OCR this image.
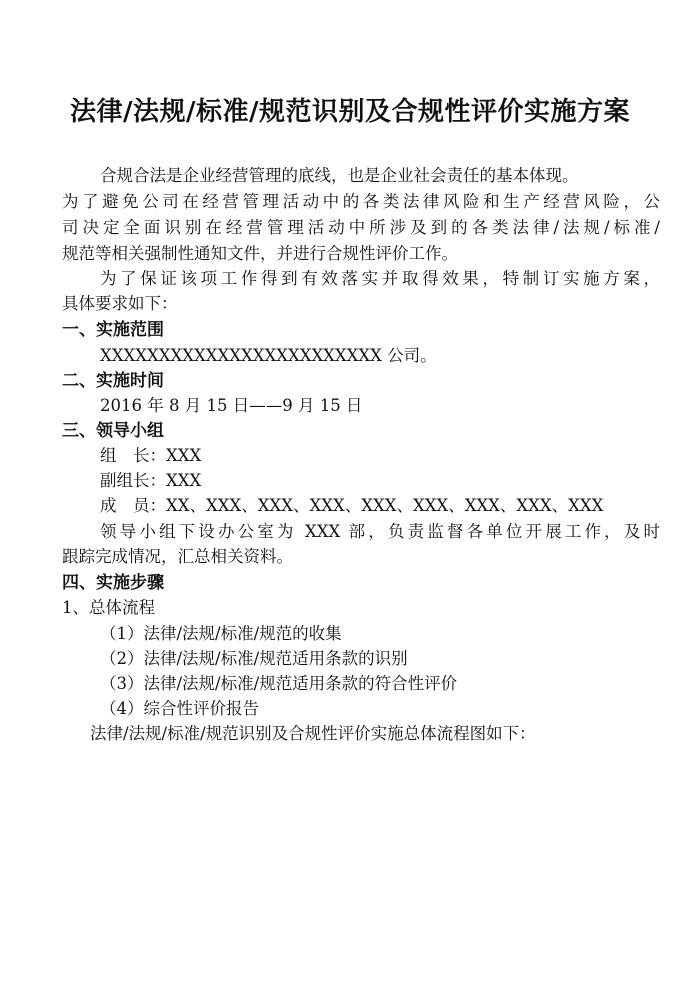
法律/法规/标准/规范识别及合规性评价实施方案
合规合法是企业经营管理的底线，也是企业社会责任的基本体现。
为了避免公司在经营管理活动中的各类法律风险和生产经营风险，公
司决定全面识别在经营管理活动中所涉及到的各类法律/法规/标准/
规范等相关强制性通知文件，并进行合规性评价工作。
为了保证该项工作得到有效落实并取得效果，特制订实施方案，
具体要求如下：
一、实施范围
XXXXXXXXXXXXXXXXXXXXXXXX 公司。
二、实施时间
2016 年 8 月 15 日——9 月 15 日
三、领导小组
组　长：XXX
副组长：XXX
成　员：XX、XXX、XXX、XXX、XXX、XXX、XXX、XXX、XXX
领导小组下设办公室为 XXX 部，负责监督各单位开展工作，及时
跟踪完成情况，汇总相关资料。
四、实施步骤
1、总体流程
（1）法律/法规/标准/规范的收集
（2）法律/法规/标准/规范适用条款的识别
（3）法律/法规/标准/规范适用条款的符合性评价
（4）综合性评价报告
法律/法规/标准/规范识别及合规性评价实施总体流程图如下：
